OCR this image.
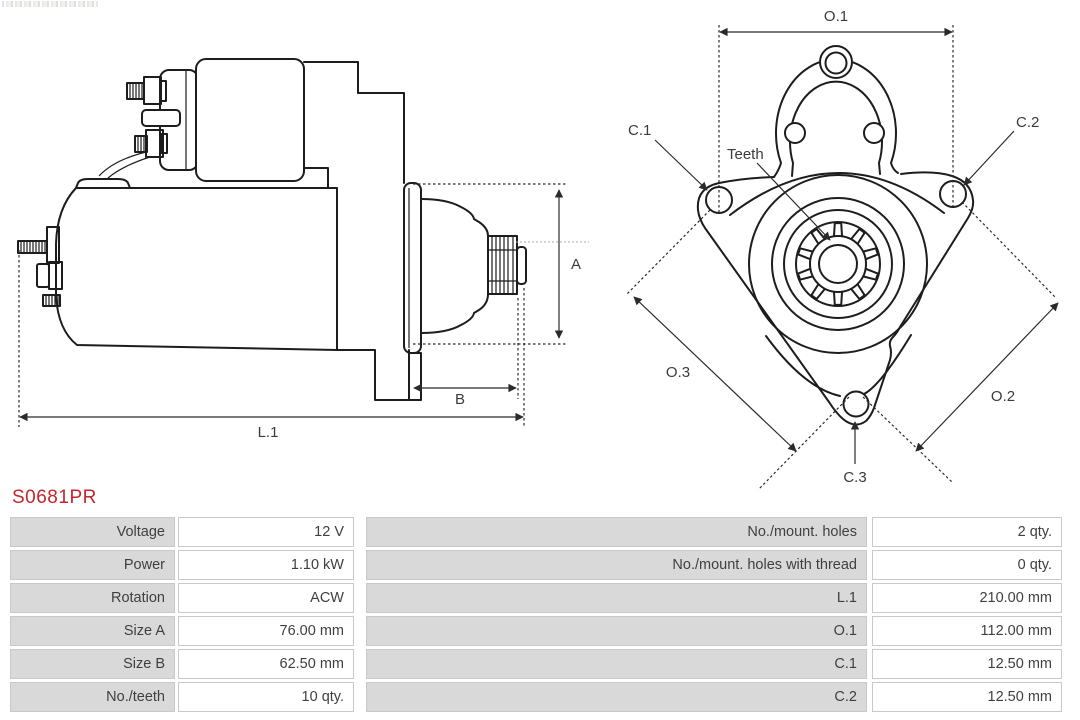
A
B
L.1
O.1
O.3
O.2
C.1	C.2
Teeth
C.3
S0681PR
Voltage	12 V	No./mount. holes	2 qty.
Power	1.10 kW	No./mount. holes with thread	0 qty.
Rotation	ACW	L.1	210.00 mm
Size A	76.00 mm	O.1	112.00 mm
Size B	62.50 mm	C.1	12.50 mm
No./teeth	10 qty.	C.2	12.50 mm
